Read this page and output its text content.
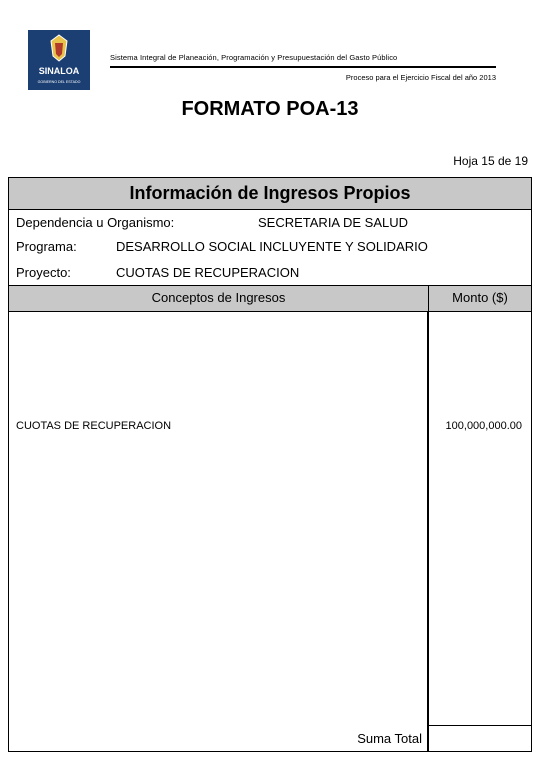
SINALOA
GOBIERNO DEL ESTADO
Sistema Integral de Planeación, Programación y Presupuestación del Gasto Público
Proceso para el Ejercicio Fiscal del año 2013
FORMATO POA-13
Hoja 15 de 19
Información de Ingresos Propios
Dependencia u Organismo:	SECRETARIA DE SALUD
Programa:	DESARROLLO SOCIAL INCLUYENTE Y SOLIDARIO
Proyecto:	CUOTAS DE RECUPERACION
Conceptos de Ingresos	Monto ($)
CUOTAS DE RECUPERACION	100,000,000.00
Suma Total
